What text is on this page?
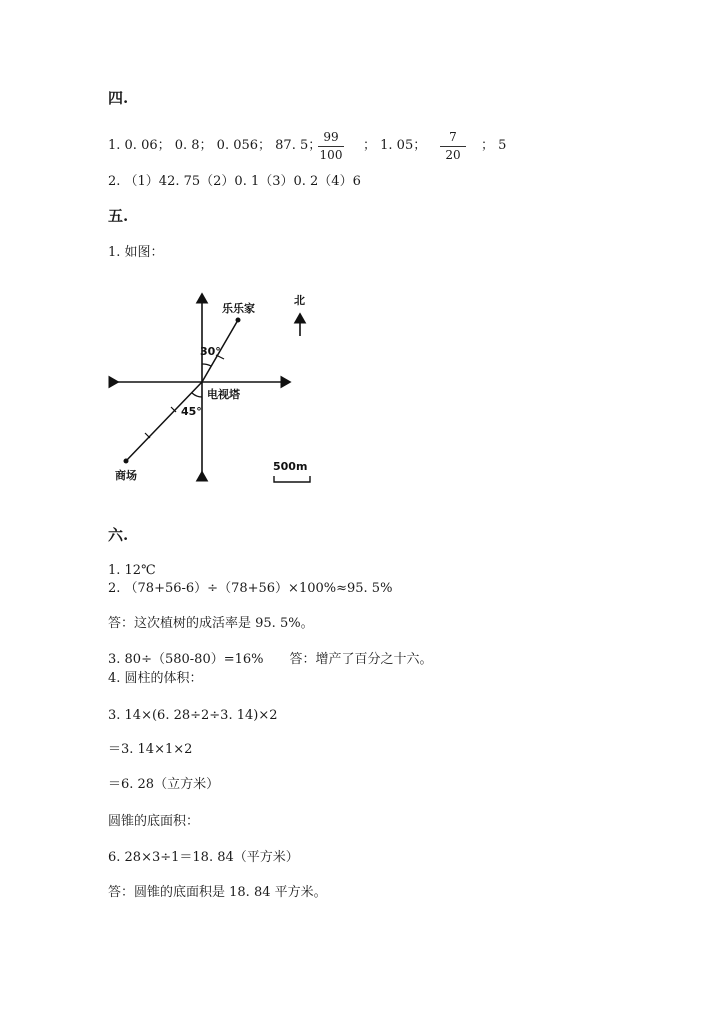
四.
1. 0. 06； 0. 8； 0. 056； 87. 5；
99
100
； 1. 05；
7
20
； 5
2. （1）42. 75（2）0. 1（3）0. 2（4）6
五.
1. 如图：
乐乐家
北
30°
电视塔
45°
商场
500m
六.
1. 12℃
2. （78+56-6）÷（78+56）×100%≈95. 5%
答：这次植树的成活率是 95. 5%。
3. 80÷（580-80）=16%　　答：增产了百分之十六。
4. 圆柱的体积：
3. 14×(6. 28÷2÷3. 14)×2
＝3. 14×1×2
＝6. 28（立方米）
圆锥的底面积：
6. 28×3÷1＝18. 84（平方米）
答：圆锥的底面积是 18. 84 平方米。
